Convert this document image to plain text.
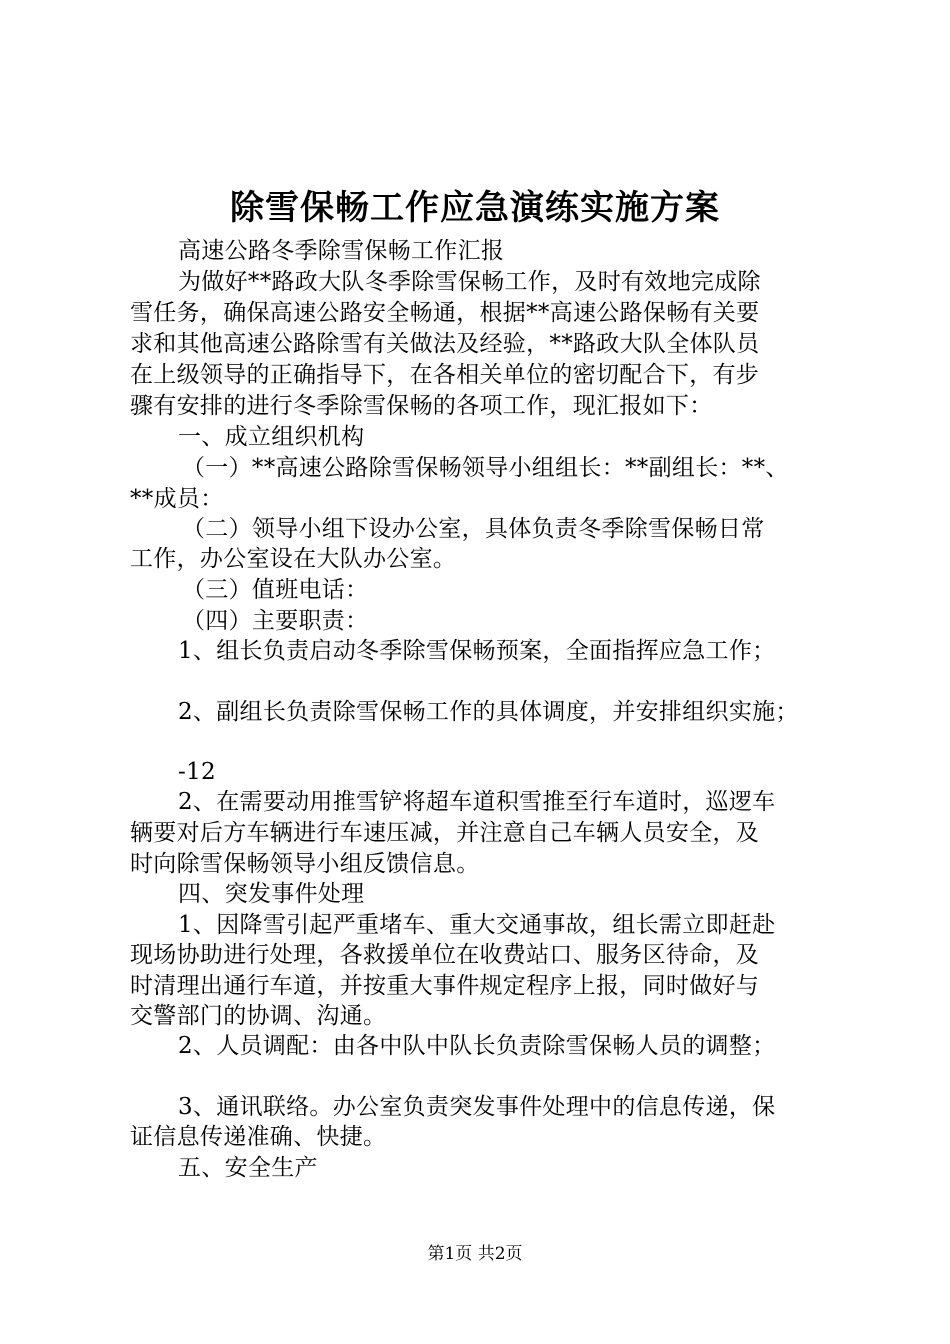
除雪保畅工作应急演练实施方案
高速公路冬季除雪保畅工作汇报
为做好**路政大队冬季除雪保畅工作，及时有效地完成除
雪任务，确保高速公路安全畅通，根据**高速公路保畅有关要
求和其他高速公路除雪有关做法及经验，**路政大队全体队员
在上级领导的正确指导下，在各相关单位的密切配合下，有步
骤有安排的进行冬季除雪保畅的各项工作，现汇报如下：
一、成立组织机构
（一）**高速公路除雪保畅领导小组组长：**副组长：**、
**成员：
（二）领导小组下设办公室，具体负责冬季除雪保畅日常
工作，办公室设在大队办公室。
（三）值班电话：
（四）主要职责：
1、组长负责启动冬季除雪保畅预案，全面指挥应急工作；
2、副组长负责除雪保畅工作的具体调度，并安排组织实施；
-12
2、在需要动用推雪铲将超车道积雪推至行车道时，巡逻车
辆要对后方车辆进行车速压减，并注意自己车辆人员安全，及
时向除雪保畅领导小组反馈信息。
四、突发事件处理
1、因降雪引起严重堵车、重大交通事故，组长需立即赶赴
现场协助进行处理，各救援单位在收费站口、服务区待命，及
时清理出通行车道，并按重大事件规定程序上报，同时做好与
交警部门的协调、沟通。
2、人员调配：由各中队中队长负责除雪保畅人员的调整；
3、通讯联络。办公室负责突发事件处理中的信息传递，保
证信息传递准确、快捷。
五、安全生产
第1页 共2页
